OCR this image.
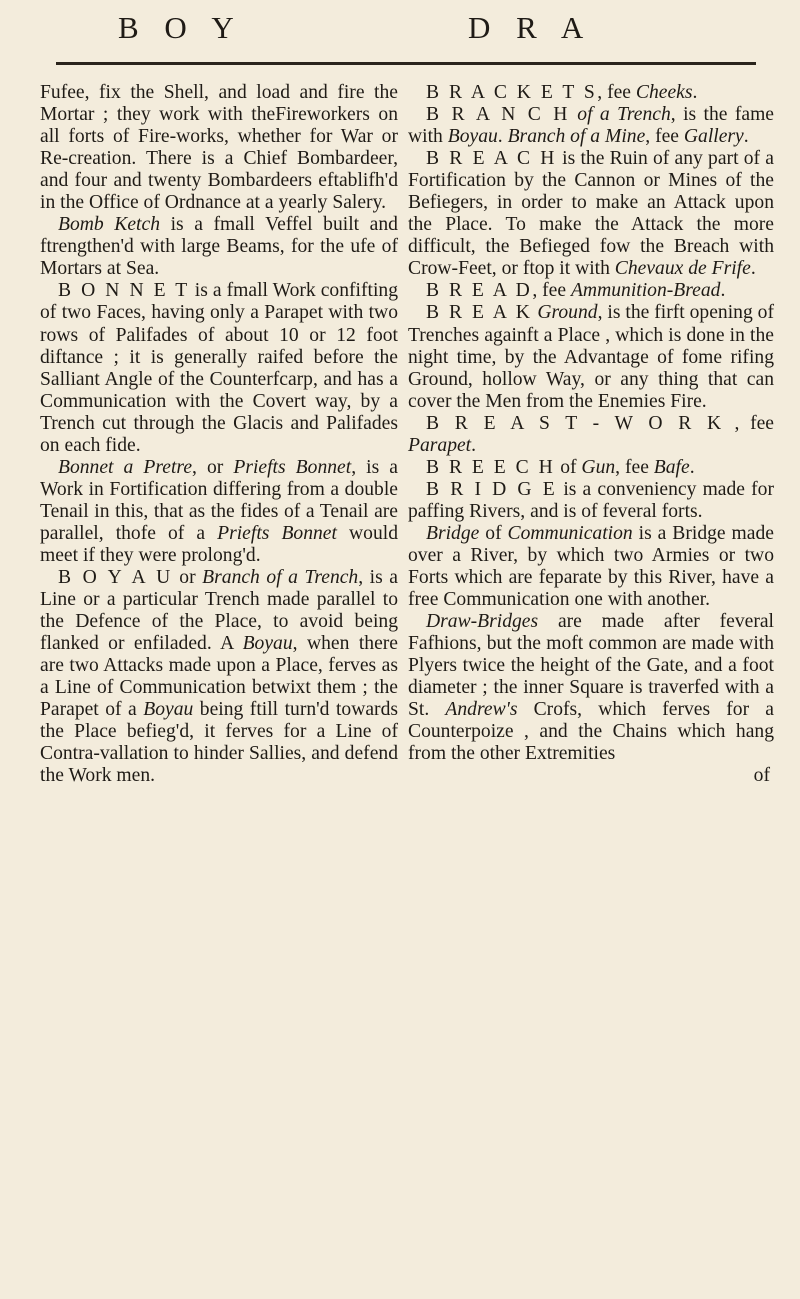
B O Y	D R A

Fufee, fix the Shell, and load and fire the Mortar ; they work with theFireworkers on all forts of Fire-works, whether for War or Re-creation. There is a Chief Bombardeer, and four and twenty Bombardeers eftablifh'd in the Office of Ordnance at a yearly Salery.

Bomb Ketch is a fmall Veffel built and ftrengthen'd with large Beams, for the ufe of Mortars at Sea.

B O N N E T is a fmall Work confifting of two Faces, having only a Parapet with two rows of Palifades of about 10 or 12 foot diftance ; it is generally raifed before the Salliant Angle of the Counterfcarp, and has a Communication with the Covert way, by a Trench cut through the Glacis and Palifades on each fide.

Bonnet a Pretre, or Priefts Bonnet, is a Work in Fortification differing from a double Tenail in this, that as the fides of a Tenail are parallel, thofe of a Priefts Bonnet would meet if they were prolong'd.

B O Y A U or Branch of a Trench, is a Line or a particular Trench made parallel to the Defence of the Place, to avoid being flanked or enfiladed. A Boyau, when there are two Attacks made upon a Place, ferves as a Line of Communication betwixt them ; the Parapet of a Boyau being ftill turn'd towards the Place befieg'd, it ferves for a Line of Contra-vallation to hinder Sallies, and defend the Work men.

B R A C K E T S, fee Cheeks.

B R A N C H of a Trench, is the fame with Boyau. Branch of a Mine, fee Gallery.

B R E A C H is the Ruin of any part of a Fortification by the Cannon or Mines of the Befiegers, in order to make an Attack upon the Place. To make the Attack the more difficult, the Befieged fow the Breach with Crow-Feet, or ftop it with Chevaux de Frife.

B R E A D, fee Ammunition-Bread.

B R E A K Ground, is the firft opening of Trenches againft a Place , which is done in the night time, by the Advantage of fome rifing Ground, hollow Way, or any thing that can cover the Men from the Enemies Fire.

B R E A S T - W O R K , fee Parapet.

B R E E C H of Gun, fee Bafe.

B R I D G E is a conveniency made for paffing Rivers, and is of feveral forts.

Bridge of Communication is a Bridge made over a River, by which two Armies or two Forts which are feparate by this River, have a free Communication one with another.

Draw-Bridges are made after feveral Fafhions, but the moft common are made with Plyers twice the height of the Gate, and a foot diameter ; the inner Square is traverfed with a St. Andrew's Crofs, which ferves for a Counterpoize , and the Chains which hang from the other Extremities

of
